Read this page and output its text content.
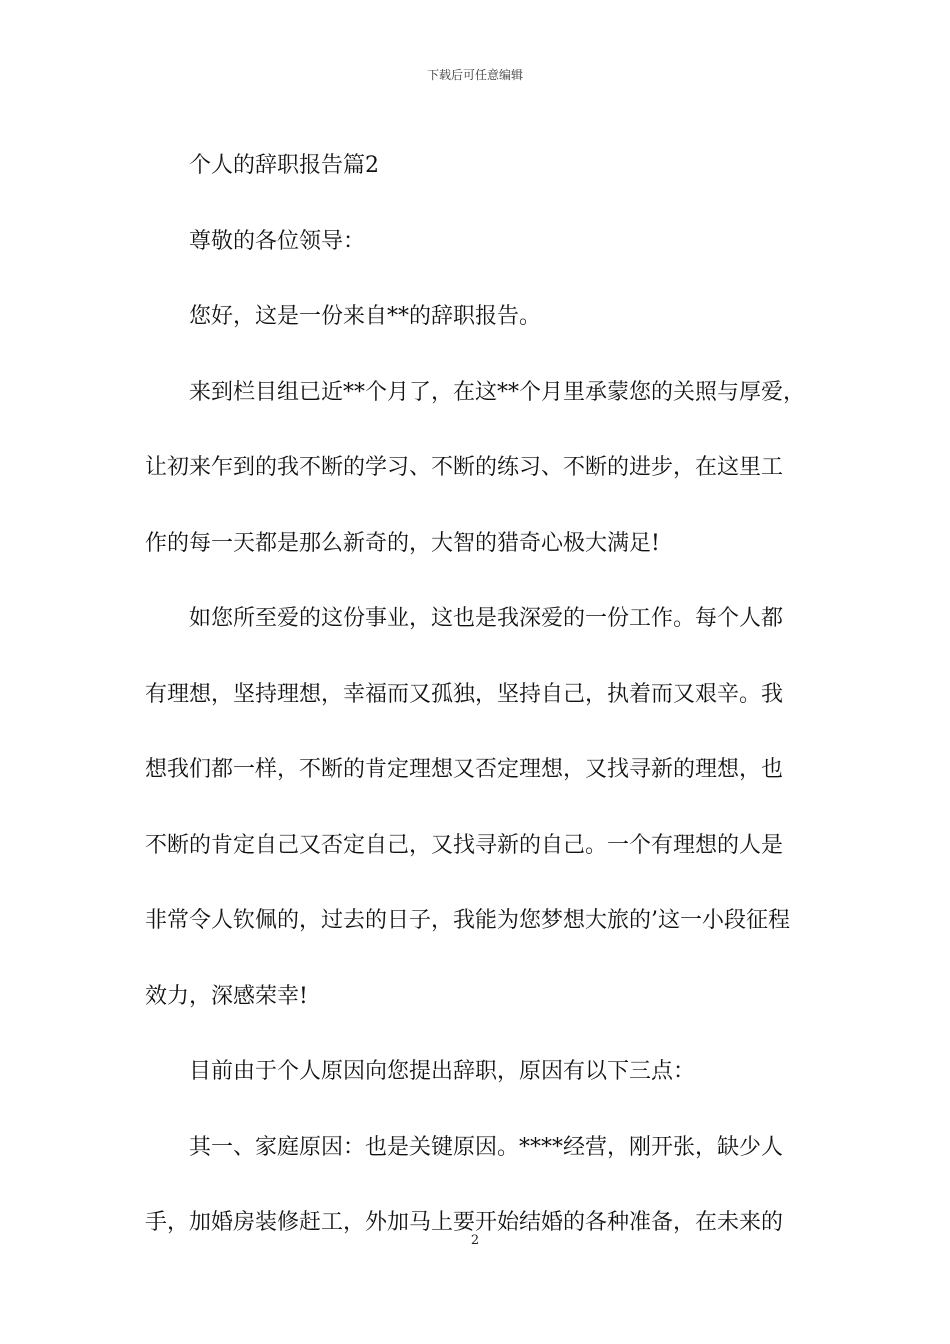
下载后可任意编辑

个人的辞职报告篇2

尊敬的各位领导：

您好，这是一份来自**的辞职报告。

来到栏目组已近**个月了，在这**个月里承蒙您的关照与厚爱，
让初来乍到的我不断的学习、不断的练习、不断的进步，在这里工
作的每一天都是那么新奇的，大智的猎奇心极大满足!

如您所至爱的这份事业，这也是我深爱的一份工作。每个人都
有理想，坚持理想，幸福而又孤独，坚持自己，执着而又艰辛。我
想我们都一样，不断的肯定理想又否定理想，又找寻新的理想，也
不断的肯定自己又否定自己，又找寻新的自己。一个有理想的人是
非常令人钦佩的，过去的日子，我能为您梦想大旅的’这一小段征程
效力，深感荣幸!

目前由于个人原因向您提出辞职，原因有以下三点：

其一、家庭原因：也是关键原因。****经营，刚开张，缺少人
手，加婚房装修赶工，外加马上要开始结婚的各种准备，在未来的

2
